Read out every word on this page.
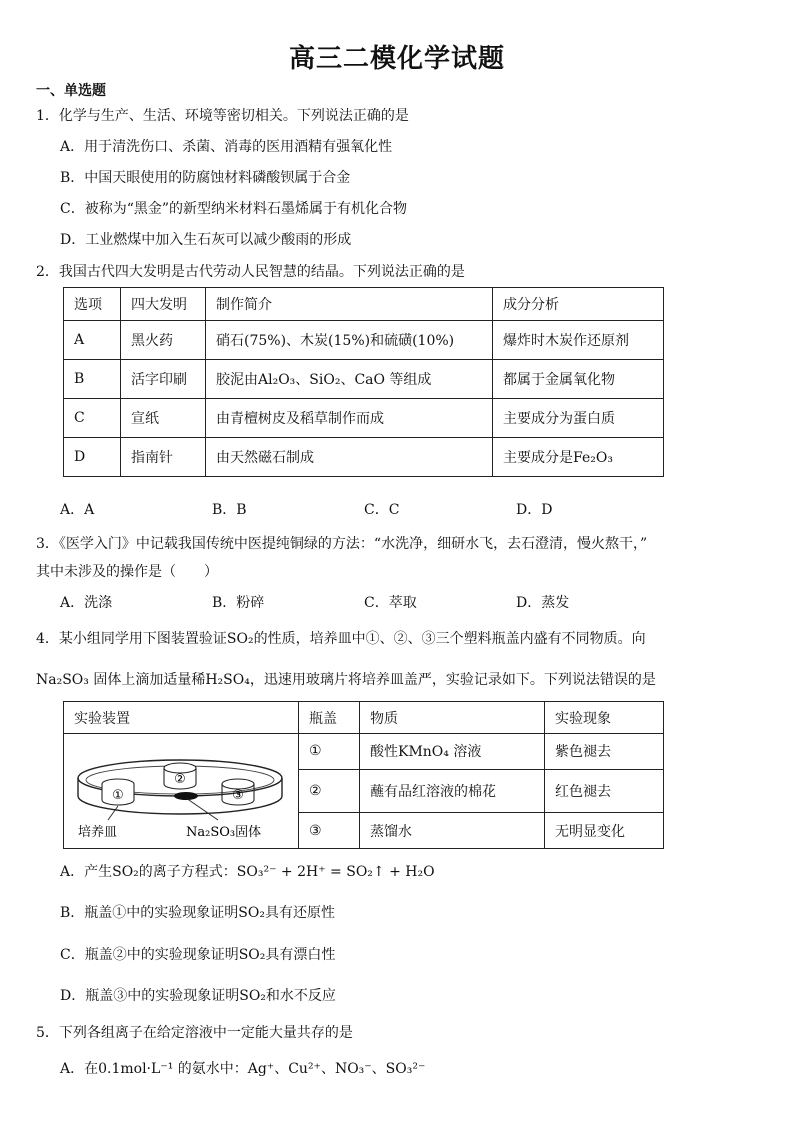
高三二模化学试题
一、单选题
1．化学与生产、生活、环境等密切相关。下列说法正确的是
A．用于清洗伤口、杀菌、消毒的医用酒精有强氧化性
B．中国天眼使用的防腐蚀材料磷酸钡属于合金
C．被称为“黑金”的新型纳米材料石墨烯属于有机化合物
D．工业燃煤中加入生石灰可以减少酸雨的形成
2．我国古代四大发明是古代劳动人民智慧的结晶。下列说法正确的是
选项	四大发明	制作简介	成分分析
A	黑火药	硝石(75%)、木炭(15%)和硫磺(10%)	爆炸时木炭作还原剂
B	活字印刷	胶泥由Al₂O₃、SiO₂、CaO 等组成	都属于金属氧化物
C	宣纸	由青檀树皮及稻草制作而成	主要成分为蛋白质
D	指南针	由天然磁石制成	主要成分是Fe₂O₃
A．A	B．B	C．C	D．D
3．《医学入门》中记载我国传统中医提纯铜绿的方法：“水洗净，细研水飞，去石澄清，慢火熬干，”
其中未涉及的操作是（　　）
A．洗涤	B．粉碎	C．萃取	D．蒸发
4．某小组同学用下图装置验证SO₂的性质，培养皿中①、②、③三个塑料瓶盖内盛有不同物质。向
Na₂SO₃ 固体上滴加适量稀H₂SO₄，迅速用玻璃片将培养皿盖严，实验记录如下。下列说法错误的是
实验装置	瓶盖	物质	实验现象

①
②
③
培养皿 Na₂SO₃固体	①	酸性KMnO₄ 溶液	紫色褪去
	②	蘸有品红溶液的棉花	红色褪去
	③	蒸馏水	无明显变化
A．产生SO₂的离子方程式：SO₃²⁻ + 2H⁺ = SO₂↑ + H₂O
B．瓶盖①中的实验现象证明SO₂具有还原性
C．瓶盖②中的实验现象证明SO₂具有漂白性
D．瓶盖③中的实验现象证明SO₂和水不反应
5．下列各组离子在给定溶液中一定能大量共存的是
A．在0.1mol·L⁻¹ 的氨水中：Ag⁺、Cu²⁺、NO₃⁻、SO₃²⁻
